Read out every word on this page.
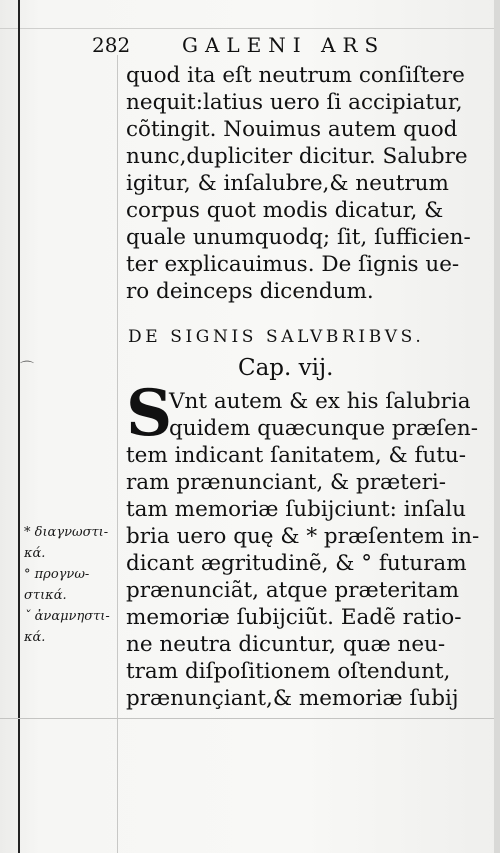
282	GALENI ARS
quod ita eſt neutrum conſiſtere
nequit:latius uero ſi accipiatur,
cõtingit. Nouimus autem quod
nunc,dupliciter dicitur. Salubre
igitur, & inſalubre,& neutrum
corpus quot modis dicatur, &
quale unumquodq; ſit, ſufficien-
ter explicauimus. De ſignis ue-
ro deinceps dicendum.
DE SIGNIS SALVBRIBVS.
Cap. vij.
S
Vnt autem & ex his ſalubria
quidem quæcunque præſen-
tem indicant ſanitatem, & futu-
ram prænunciant, & prӕteri-
tam memoriæ ſubijciunt: inſalu
bria uero quę & * præſentem in-
dicant ægritudinẽ, & ° futuram
prænunciãt, atque præteritam
memoriæ ſubijciũt. Eadẽ ratio-
ne neutra dicuntur, quæ neu-
tram diſpoſitionem oſtendunt,
prænunçiant,& memoriæ ſubij
⌒
* διαγνωστι-
κά.
° προγνω-
στικά.
ˇ ἀναμνηστι-
κά.
